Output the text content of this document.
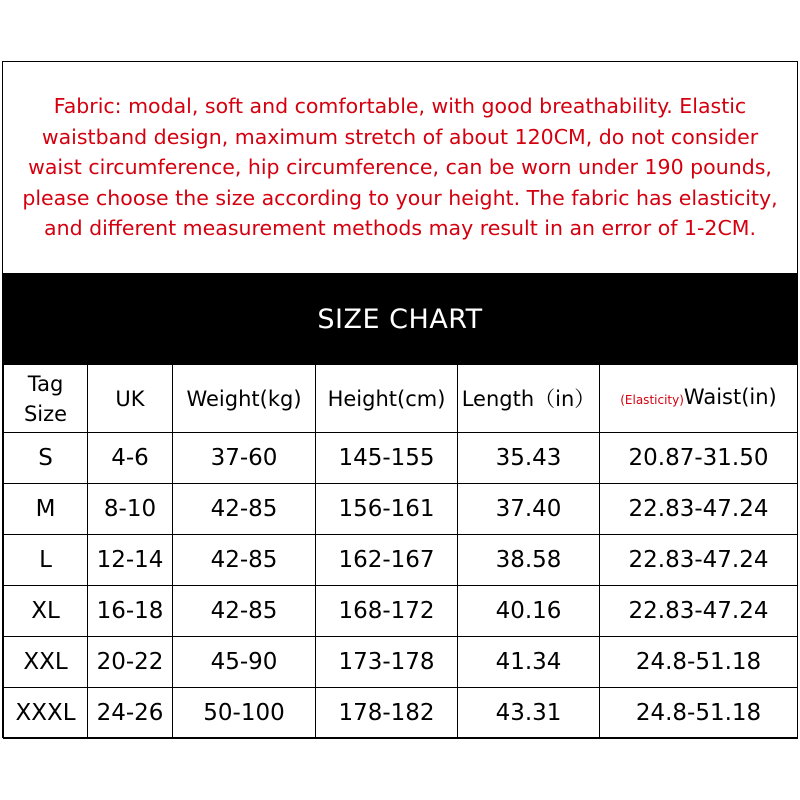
Fabric: modal, soft and comfortable, with good breathability. Elastic waistband design, maximum stretch of about 120CM, do not consider waist circumference, hip circumference, can be worn under 190 pounds, please choose the size according to your height. The fabric has elasticity, and different measurement methods may result in an error of 1-2CM.
SIZE CHART
Tag
Size	UK	Weight(kg)	Height(cm)	Length（in）	(Elasticity)Waist(in)
S	4-6	37-60	145-155	35.43	20.87-31.50
M	8-10	42-85	156-161	37.40	22.83-47.24
L	12-14	42-85	162-167	38.58	22.83-47.24
XL	16-18	42-85	168-172	40.16	22.83-47.24
XXL	20-22	45-90	173-178	41.34	24.8-51.18
XXXL	24-26	50-100	178-182	43.31	24.8-51.18
